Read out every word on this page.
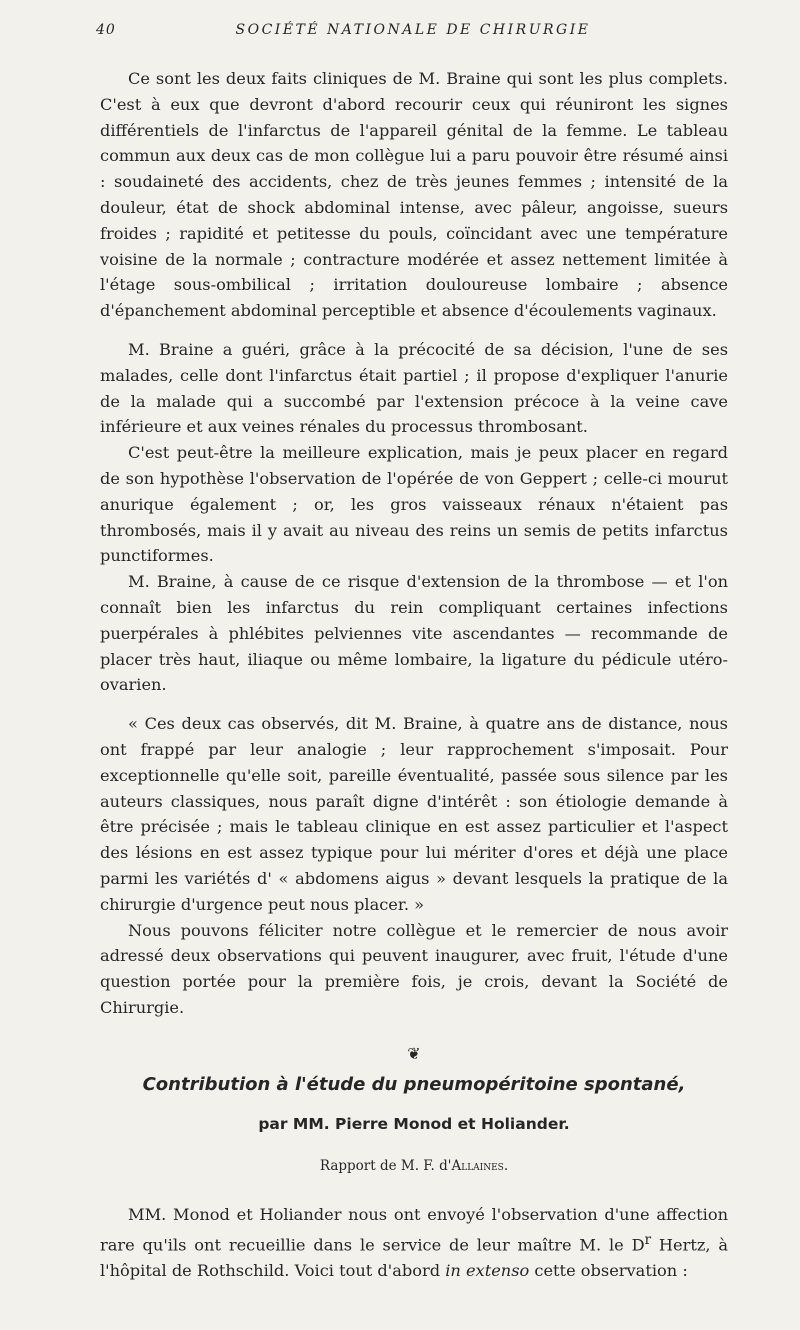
40	SOCIÉTÉ NATIONALE DE CHIRURGIE

Ce sont les deux faits cliniques de M. Braine qui sont les plus complets. C'est à eux que devront d'abord recourir ceux qui réuniront les signes différentiels de l'infarctus de l'appareil génital de la femme. Le tableau commun aux deux cas de mon collègue lui a paru pouvoir être résumé ainsi : soudaineté des accidents, chez de très jeunes femmes ; intensité de la douleur, état de shock abdominal intense, avec pâleur, angoisse, sueurs froides ; rapidité et petitesse du pouls, coïncidant avec une température voisine de la normale ; contracture modérée et assez nettement limitée à l'étage sous-ombilical ; irritation douloureuse lombaire ; absence d'épanchement abdominal perceptible et absence d'écoulements vaginaux.

M. Braine a guéri, grâce à la précocité de sa décision, l'une de ses malades, celle dont l'infarctus était partiel ; il propose d'expliquer l'anurie de la malade qui a succombé par l'extension précoce à la veine cave inférieure et aux veines rénales du processus thrombosant.

C'est peut-être la meilleure explication, mais je peux placer en regard de son hypothèse l'observation de l'opérée de von Geppert ; celle-ci mourut anurique également ; or, les gros vaisseaux rénaux n'étaient pas thrombosés, mais il y avait au niveau des reins un semis de petits infarctus punctiformes.

M. Braine, à cause de ce risque d'extension de la thrombose — et l'on connaît bien les infarctus du rein compliquant certaines infections puerpérales à phlébites pelviennes vite ascendantes — recommande de placer très haut, iliaque ou même lombaire, la ligature du pédicule utéro-ovarien.

« Ces deux cas observés, dit M. Braine, à quatre ans de distance, nous ont frappé par leur analogie ; leur rapprochement s'imposait. Pour exceptionnelle qu'elle soit, pareille éventualité, passée sous silence par les auteurs classiques, nous paraît digne d'intérêt : son étiologie demande à être précisée ; mais le tableau clinique en est assez particulier et l'aspect des lésions en est assez typique pour lui mériter d'ores et déjà une place parmi les variétés d' « abdomens aigus » devant lesquels la pratique de la chirurgie d'urgence peut nous placer. »

Nous pouvons féliciter notre collègue et le remercier de nous avoir adressé deux observations qui peuvent inaugurer, avec fruit, l'étude d'une question portée pour la première fois, je crois, devant la Société de Chirurgie.

❦
Contribution à l'étude du pneumopéritoine spontané,
par MM. Pierre Monod et Holiander.
Rapport de M. F. d'Allaines.

MM. Monod et Holiander nous ont envoyé l'observation d'une affection rare qu'ils ont recueillie dans le service de leur maître M. le $D^r$ Hertz, à l'hôpital de Rothschild. Voici tout d'abord in extenso cette observation :
